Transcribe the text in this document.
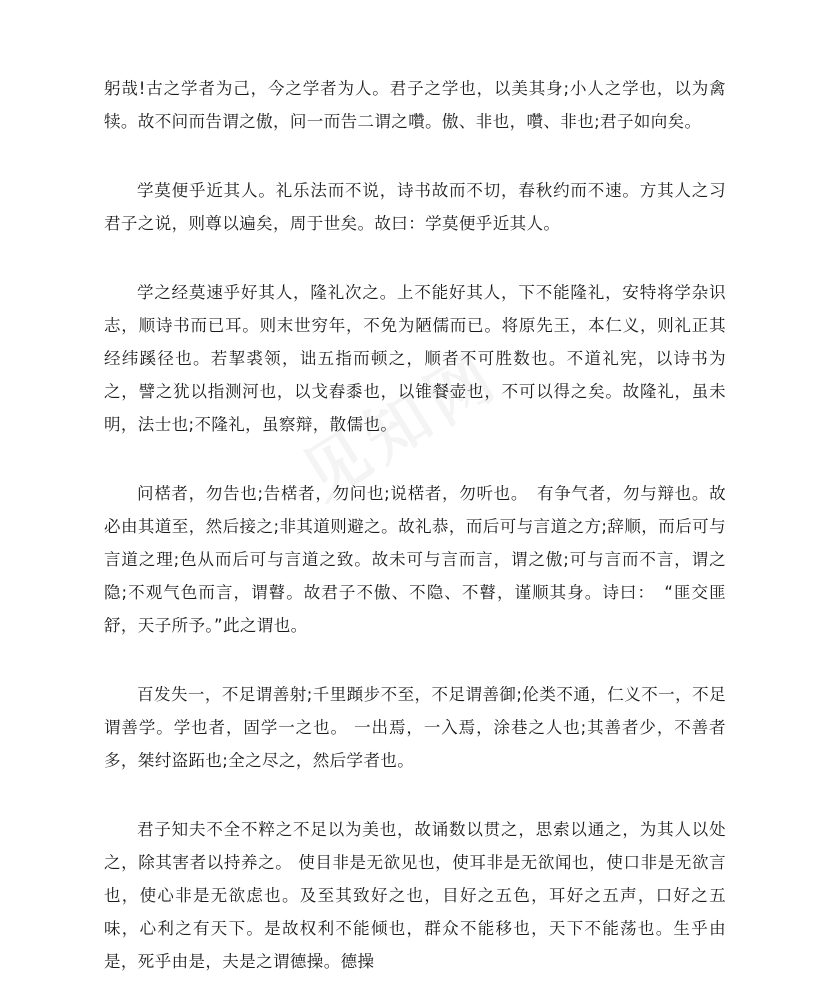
躬哉!古之学者为己，今之学者为人。君子之学也，以美其身;小人之学也，以为禽犊。故不问而告谓之傲，问一而告二谓之囋。傲、非也，囋、非也;君子如向矣。

学莫便乎近其人。礼乐法而不说，诗书故而不切，春秋约而不速。方其人之习君子之说，则尊以遍矣，周于世矣。故曰：学莫便乎近其人。

学之经莫速乎好其人，隆礼次之。上不能好其人，下不能隆礼，安特将学杂识志，顺诗书而已耳。则末世穷年，不免为陋儒而已。将原先王，本仁义，则礼正其经纬蹊径也。若挈裘领，诎五指而顿之，顺者不可胜数也。不道礼宪，以诗书为之，譬之犹以指测河也，以戈舂黍也，以锥餐壶也，不可以得之矣。故隆礼，虽未明，法士也;不隆礼，虽察辩，散儒也。

问楛者，勿告也;告楛者，勿问也;说楛者，勿听也。　有争气者，勿与辩也。故必由其道至，然后接之;非其道则避之。故礼恭，而后可与言道之方;辞顺，而后可与言道之理;色从而后可与言道之致。故未可与言而言，谓之傲;可与言而不言，谓之隐;不观气色而言，谓瞽。故君子不傲、不隐、不瞽，谨顺其身。诗曰：　“匪交匪舒，天子所予。”此之谓也。

百发失一，不足谓善射;千里蹞步不至，不足谓善御;伦类不通，仁义不一，不足谓善学。学也者，固学一之也。 一出焉，一入焉，涂巷之人也;其善者少，不善者多，桀纣盗跖也;全之尽之，然后学者也。

君子知夫不全不粹之不足以为美也，故诵数以贯之，思索以通之，为其人以处之，除其害者以持养之。 使目非是无欲见也，使耳非是无欲闻也，使口非是无欲言也，使心非是无欲虑也。及至其致好之也，目好之五色，耳好之五声，口好之五味，心利之有天下。是故权利不能倾也，群众不能移也，天下不能荡也。生乎由是，死乎由是，夫是之谓德操。德操
